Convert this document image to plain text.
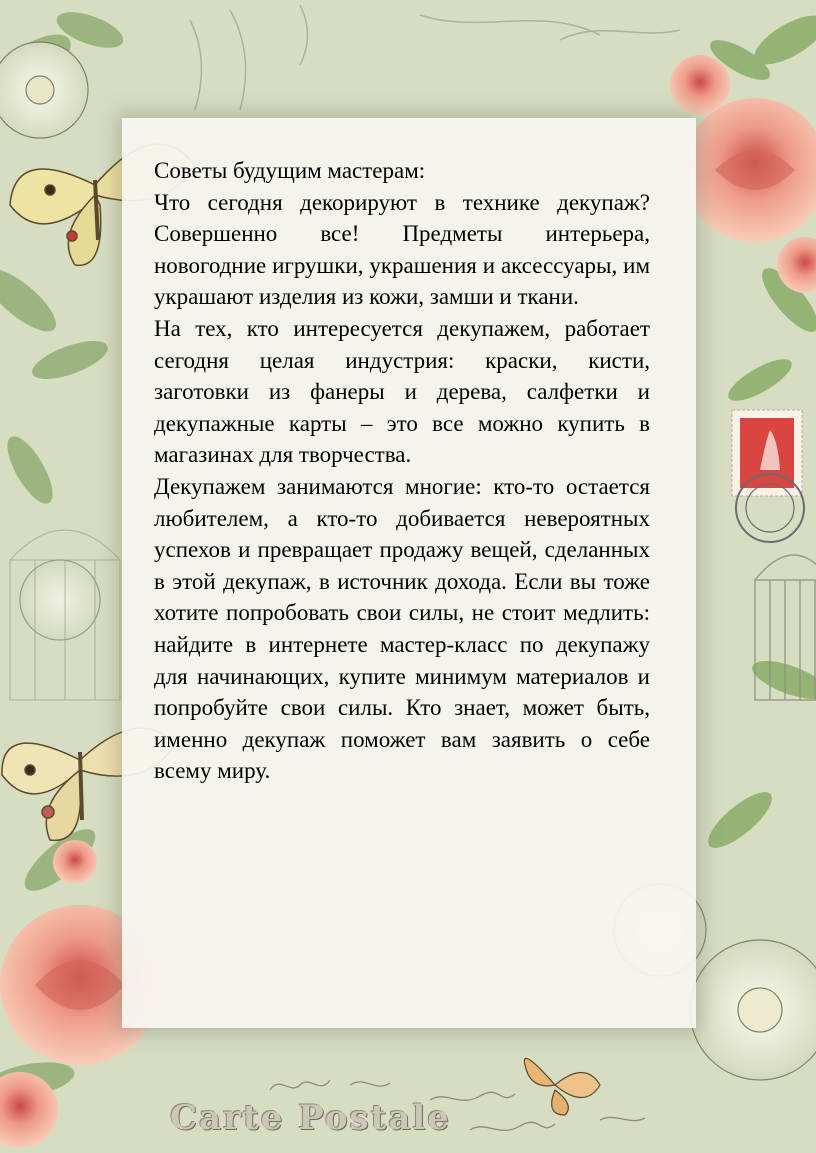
Советы будущим мастерам:

Что сегодня декорируют в технике декупаж? Совершенно все! Предметы интерьера, новогодние игрушки, украшения и аксессуары, им украшают изделия из кожи, замши и ткани.

На тех, кто интересуется декупажем, работает сегодня целая индустрия: краски, кисти, заготовки из фанеры и дерева, салфетки и декупажные карты – это все можно купить в магазинах для творчества.

Декупажем занимаются многие: кто-то остается любителем, а кто-то добивается невероятных успехов и превращает продажу вещей, сделанных в этой декупаж, в источник дохода. Если вы тоже хотите попробовать свои силы, не стоит медлить: найдите в интернете мастер-класс по декупажу для начинающих, купите минимум материалов и попробуйте свои силы. Кто знает, может быть, именно декупаж поможет вам заявить о себе всему миру.

Carte Postale
